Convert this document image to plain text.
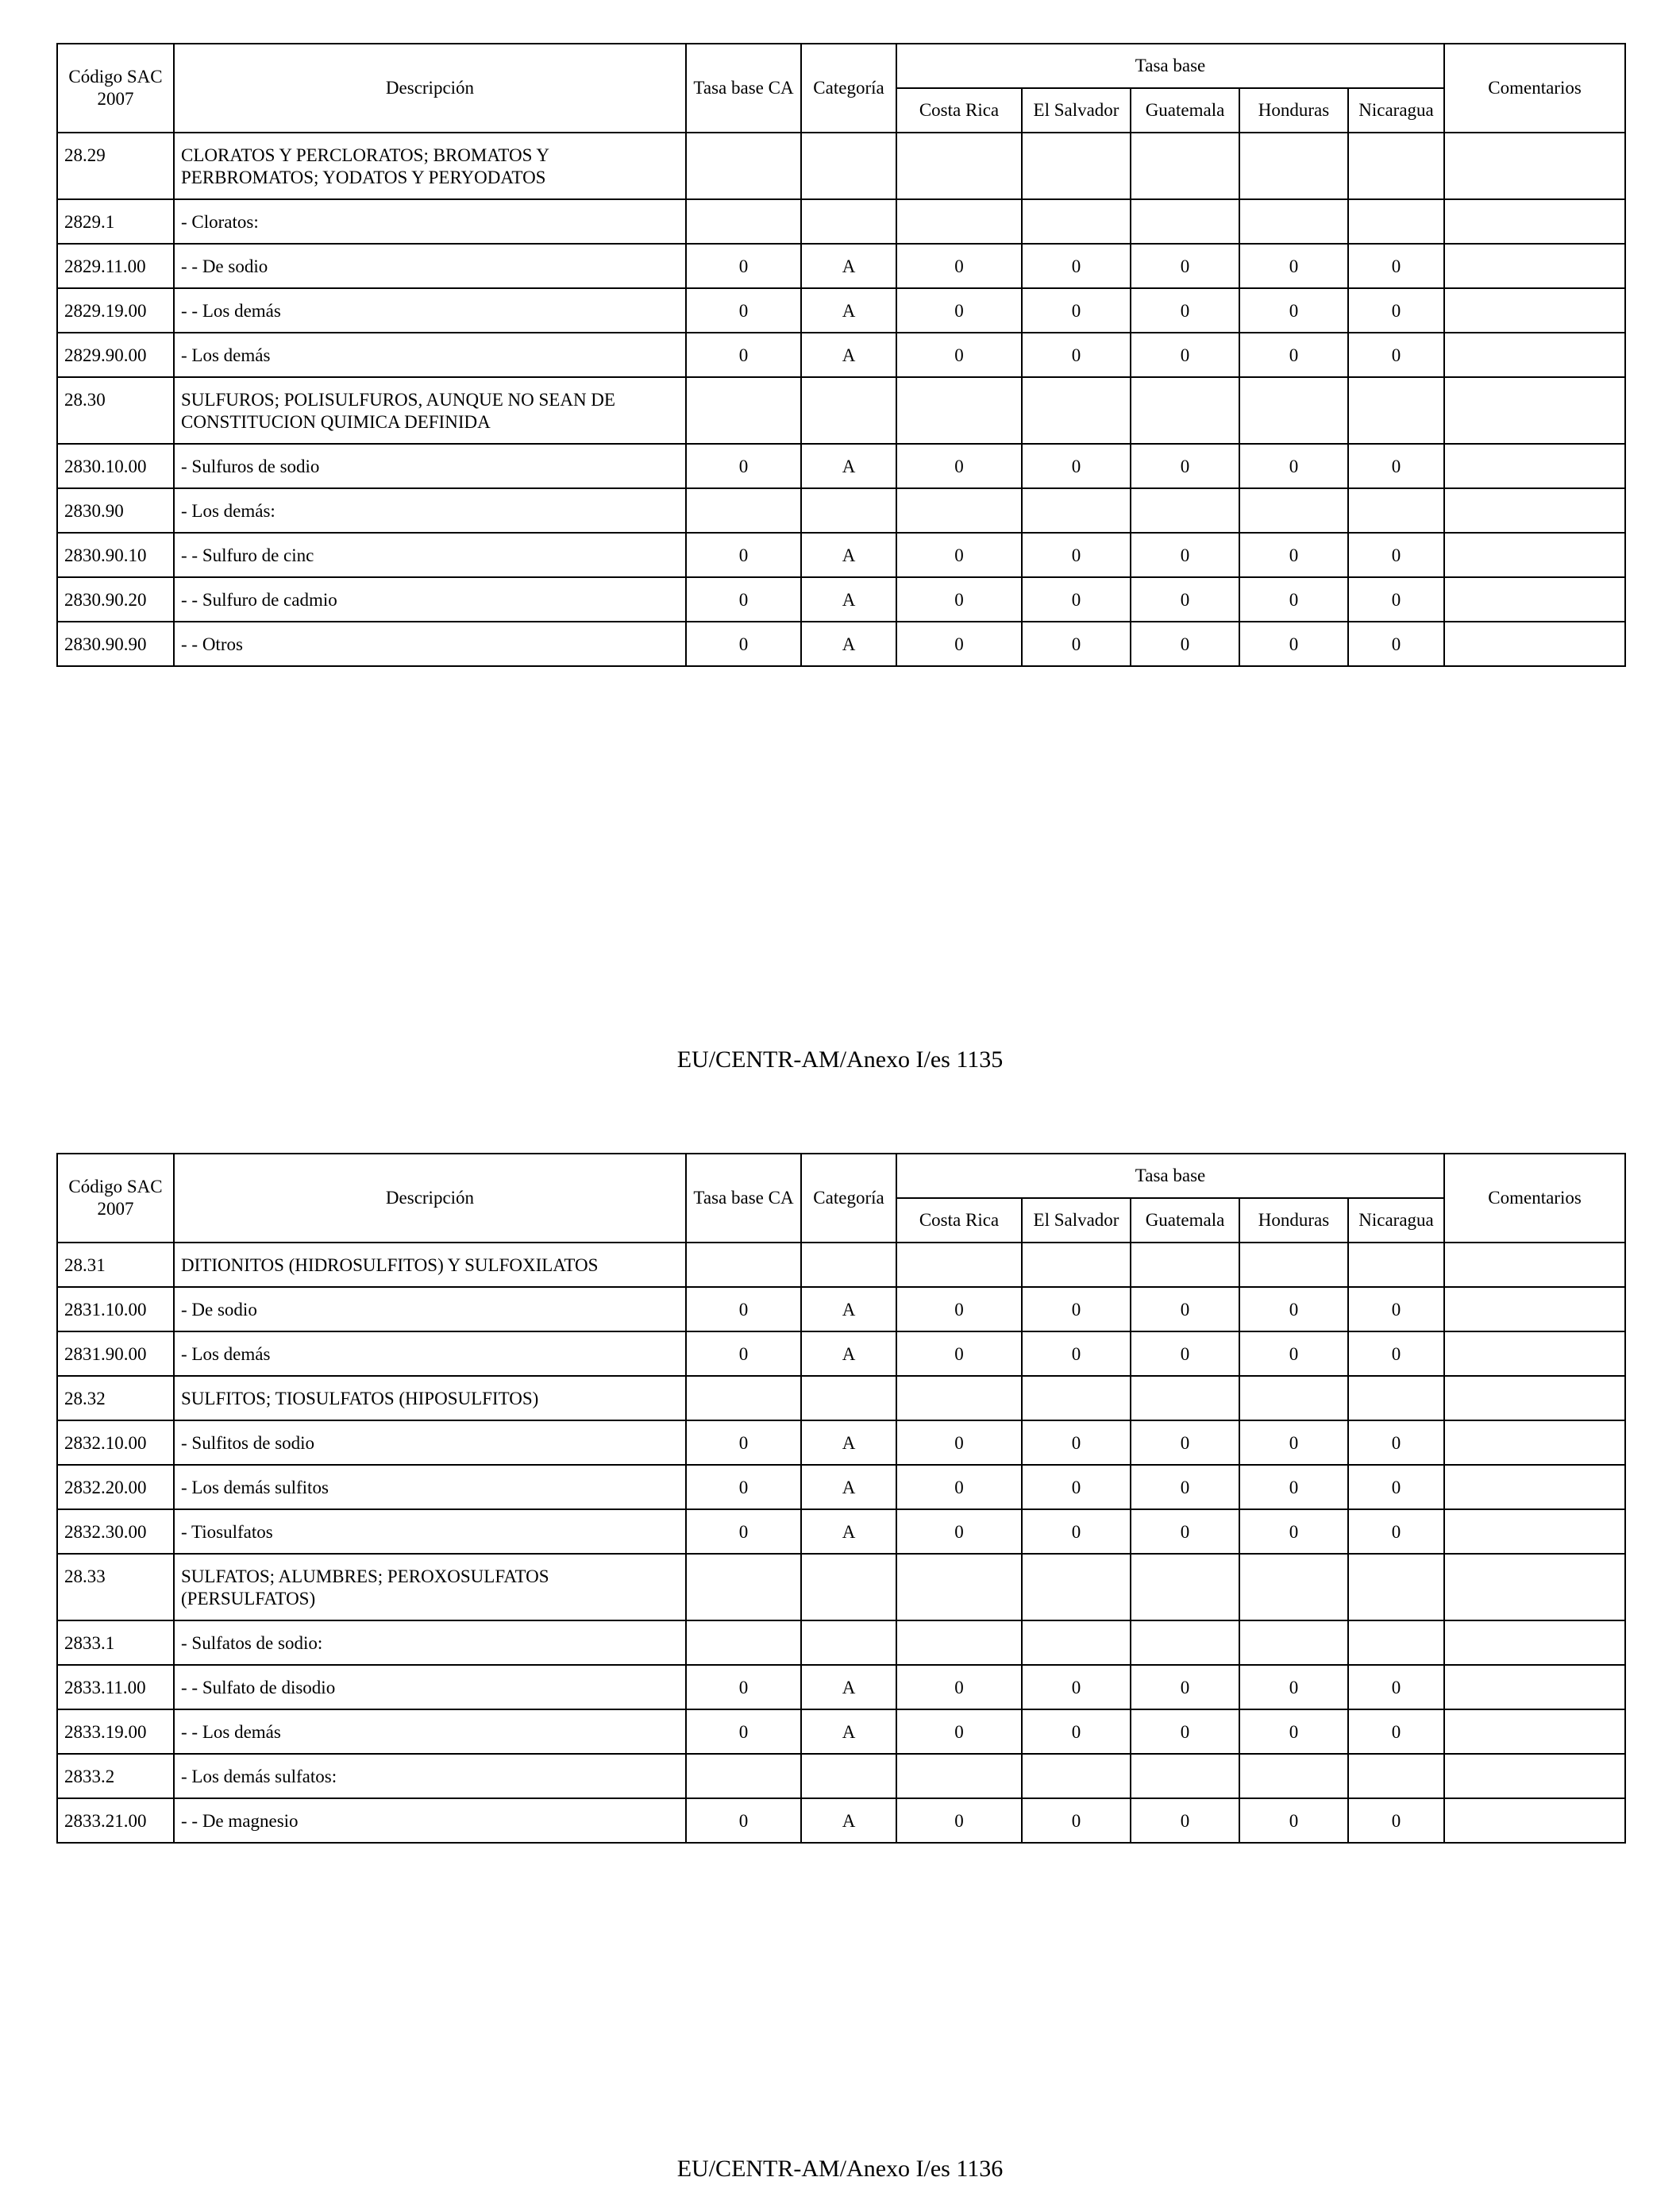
Código SAC 2007	Descripción	Tasa base CA	Categoría	Tasa base					Comentarios
				Costa Rica	El Salvador	Guatemala	Honduras	Nicaragua	
28.29	CLORATOS Y PERCLORATOS; BROMATOS Y PERBROMATOS; YODATOS Y PERYODATOS								
2829.1	- Cloratos:								
2829.11.00	- - De sodio	0	A	0	0	0	0	0	
2829.19.00	- - Los demás	0	A	0	0	0	0	0	
2829.90.00	- Los demás	0	A	0	0	0	0	0	
28.30	SULFUROS; POLISULFUROS, AUNQUE NO SEAN DE CONSTITUCION QUIMICA DEFINIDA								
2830.10.00	- Sulfuros de sodio	0	A	0	0	0	0	0	
2830.90	- Los demás:								
2830.90.10	- - Sulfuro de cinc	0	A	0	0	0	0	0	
2830.90.20	- - Sulfuro de cadmio	0	A	0	0	0	0	0	
2830.90.90	- - Otros	0	A	0	0	0	0	0	
EU/CENTR-AM/Anexo I/es 1135
Código SAC 2007	Descripción	Tasa base CA	Categoría	Tasa base					Comentarios
				Costa Rica	El Salvador	Guatemala	Honduras	Nicaragua	
28.31	DITIONITOS (HIDROSULFITOS) Y SULFOXILATOS								
2831.10.00	- De sodio	0	A	0	0	0	0	0	
2831.90.00	- Los demás	0	A	0	0	0	0	0	
28.32	SULFITOS; TIOSULFATOS (HIPOSULFITOS)								
2832.10.00	- Sulfitos de sodio	0	A	0	0	0	0	0	
2832.20.00	- Los demás sulfitos	0	A	0	0	0	0	0	
2832.30.00	- Tiosulfatos	0	A	0	0	0	0	0	
28.33	SULFATOS; ALUMBRES; PEROXOSULFATOS (PERSULFATOS)								
2833.1	- Sulfatos de sodio:								
2833.11.00	- - Sulfato de disodio	0	A	0	0	0	0	0	
2833.19.00	- - Los demás	0	A	0	0	0	0	0	
2833.2	- Los demás sulfatos:								
2833.21.00	- - De magnesio	0	A	0	0	0	0	0	
EU/CENTR-AM/Anexo I/es 1136
